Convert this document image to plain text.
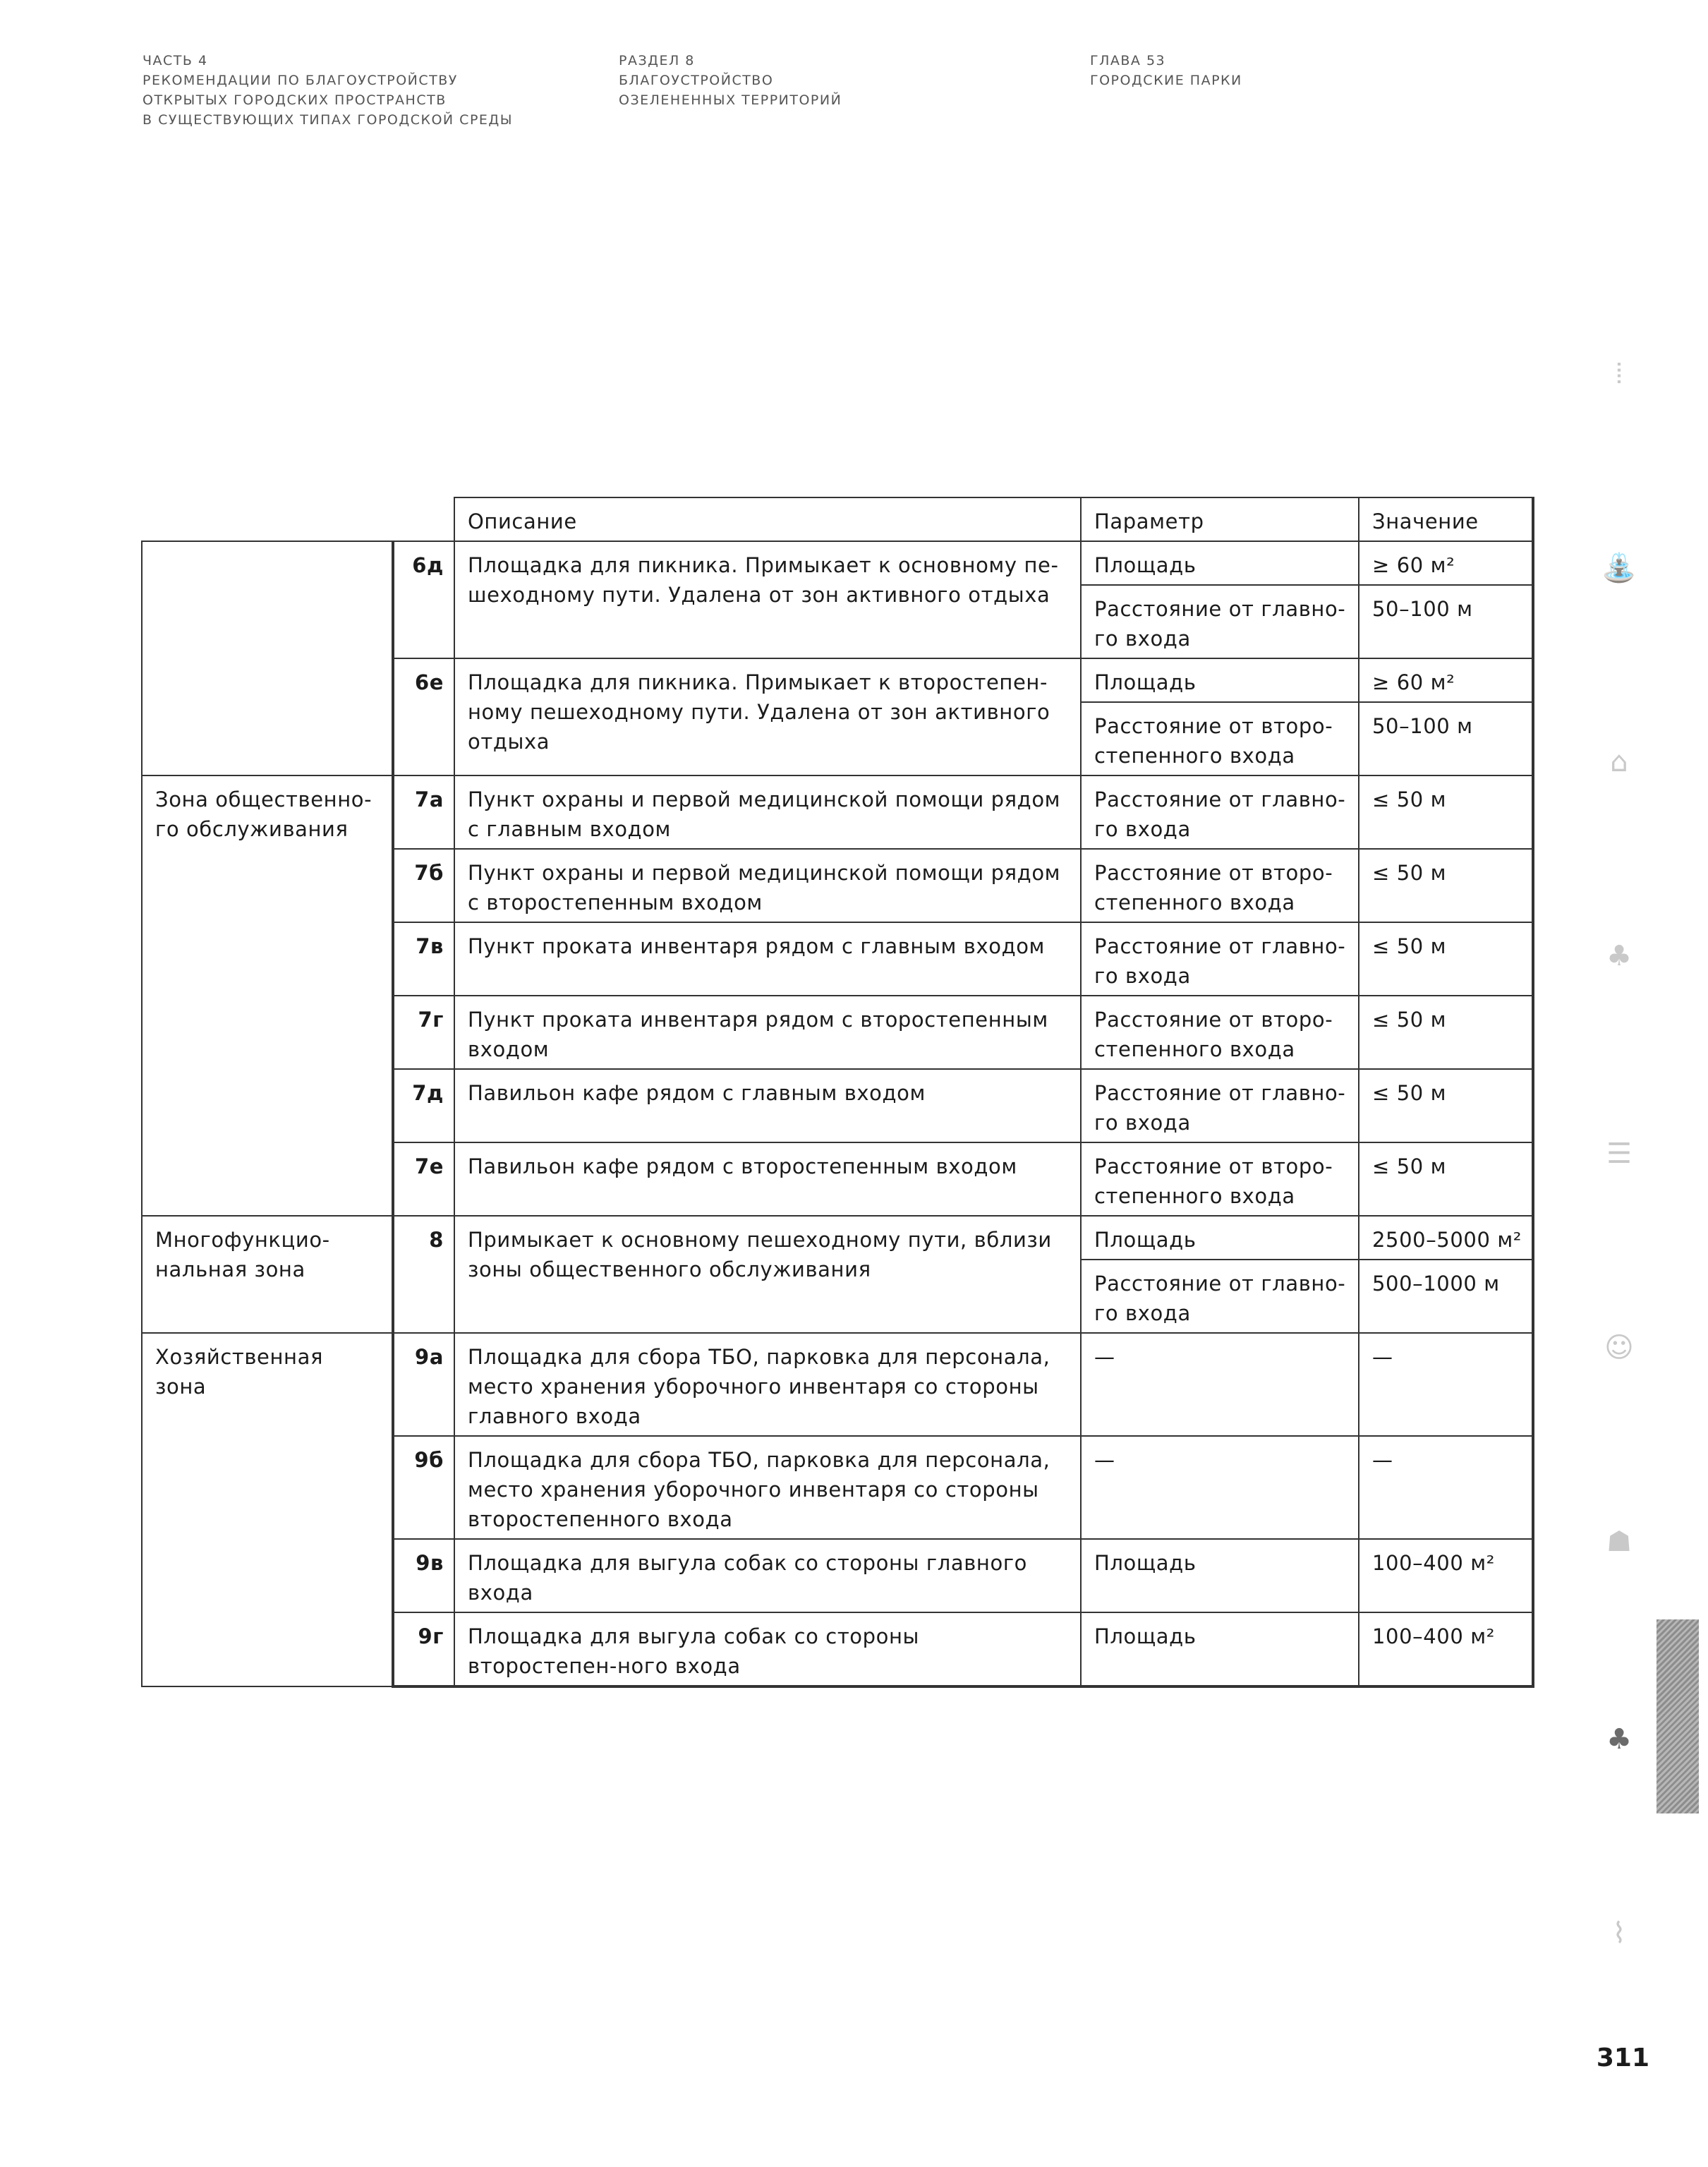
ЧАСТЬ 4
РЕКОМЕНДАЦИИ ПО БЛАГОУСТРОЙСТВУ
ОТКРЫТЫХ ГОРОДСКИХ ПРОСТРАНСТВ
В СУЩЕСТВУЮЩИХ ТИПАХ ГОРОДСКОЙ СРЕДЫ
РАЗДЕЛ 8
БЛАГОУСТРОЙСТВО
ОЗЕЛЕНЕННЫХ ТЕРРИТОРИЙ
ГЛАВА 53
ГОРОДСКИЕ ПАРКИ
		Описание	Параметр	Значение
	6д	Площадка для пикника. Примыкает к основному пе-шеходному пути. Удалена от зон активного отдыха	Площадь	≥ 60 м²
			Расстояние от главно-го входа	50–100 м
	6е	Площадка для пикника. Примыкает к второстепен-ному пешеходному пути. Удалена от зон активного отдыха	Площадь	≥ 60 м²
			Расстояние от второ-степенного входа	50–100 м
Зона общественно-го обслуживания	7а	Пункт охраны и первой медицинской помощи рядом с главным входом	Расстояние от главно-го входа	≤ 50 м
	7б	Пункт охраны и первой медицинской помощи рядом с второстепенным входом	Расстояние от второ-степенного входа	≤ 50 м
	7в	Пункт проката инвентаря рядом с главным входом	Расстояние от главно-го входа	≤ 50 м
	7г	Пункт проката инвентаря рядом с второстепенным входом	Расстояние от второ-степенного входа	≤ 50 м
	7д	Павильон кафе рядом с главным входом	Расстояние от главно-го входа	≤ 50 м
	7е	Павильон кафе рядом с второстепенным входом	Расстояние от второ-степенного входа	≤ 50 м
Многофункцио-нальная зона	8	Примыкает к основному пешеходному пути, вблизи зоны общественного обслуживания	Площадь	2500–5000 м²
			Расстояние от главно-го входа	500–1000 м
Хозяйственная зона	9а	Площадка для сбора ТБО, парковка для персонала, место хранения уборочного инвентаря со стороны главного входа	—	—
	9б	Площадка для сбора ТБО, парковка для персонала, место хранения уборочного инвентаря со стороны второстепенного входа	—	—
	9в	Площадка для выгула собак со стороны главного входа	Площадь	100–400 м²
	9г	Площадка для выгула собак со стороны второстепен-ного входа	Площадь	100–400 м²
⦙
⛲
⌂
♣
☰
☺
☗
♣
⌇
311
